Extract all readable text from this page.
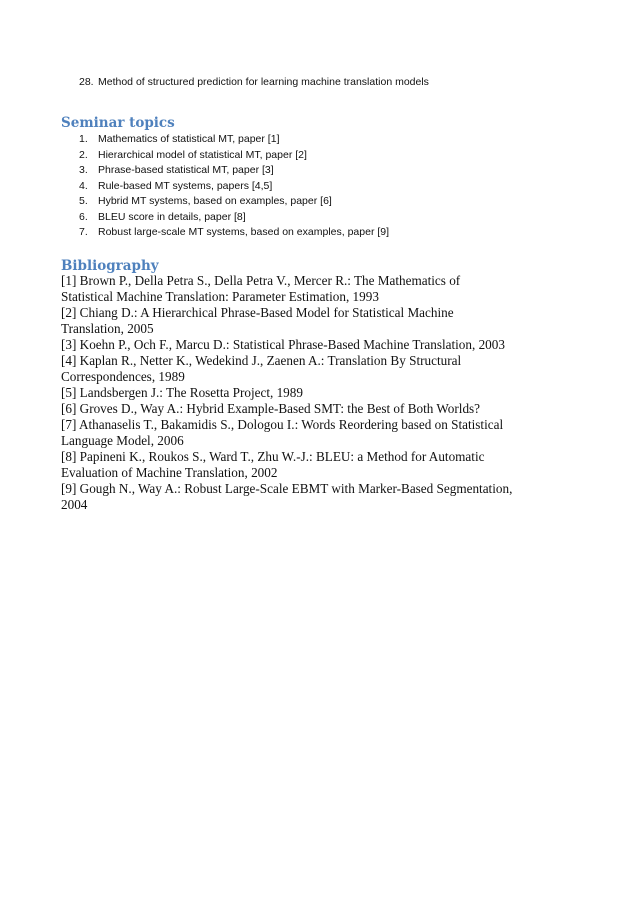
28. Method of structured prediction for learning machine translation models
Seminar topics
1. Mathematics of statistical MT, paper [1]
2. Hierarchical model of statistical MT, paper [2]
3. Phrase-based statistical MT, paper [3]
4. Rule-based MT systems, papers [4,5]
5. Hybrid MT systems, based on examples, paper [6]
6. BLEU score in details, paper [8]
7. Robust large-scale MT systems, based on examples, paper [9]
Bibliography
[1] Brown P., Della Petra S., Della Petra V., Mercer R.: The Mathematics of
Statistical Machine Translation: Parameter Estimation, 1993
[2] Chiang D.: A Hierarchical Phrase-Based Model for Statistical Machine
Translation, 2005
[3] Koehn P., Och F., Marcu D.: Statistical Phrase-Based Machine Translation, 2003
[4] Kaplan R., Netter K., Wedekind J., Zaenen A.: Translation By Structural
Correspondences, 1989
[5] Landsbergen J.: The Rosetta Project, 1989
[6] Groves D., Way A.: Hybrid Example-Based SMT: the Best of Both Worlds?
[7] Athanaselis T., Bakamidis S., Dologou I.: Words Reordering based on Statistical
Language Model, 2006
[8] Papineni K., Roukos S., Ward T., Zhu W.-J.: BLEU: a Method for Automatic
Evaluation of Machine Translation, 2002
[9] Gough N., Way A.: Robust Large-Scale EBMT with Marker-Based Segmentation,
2004
